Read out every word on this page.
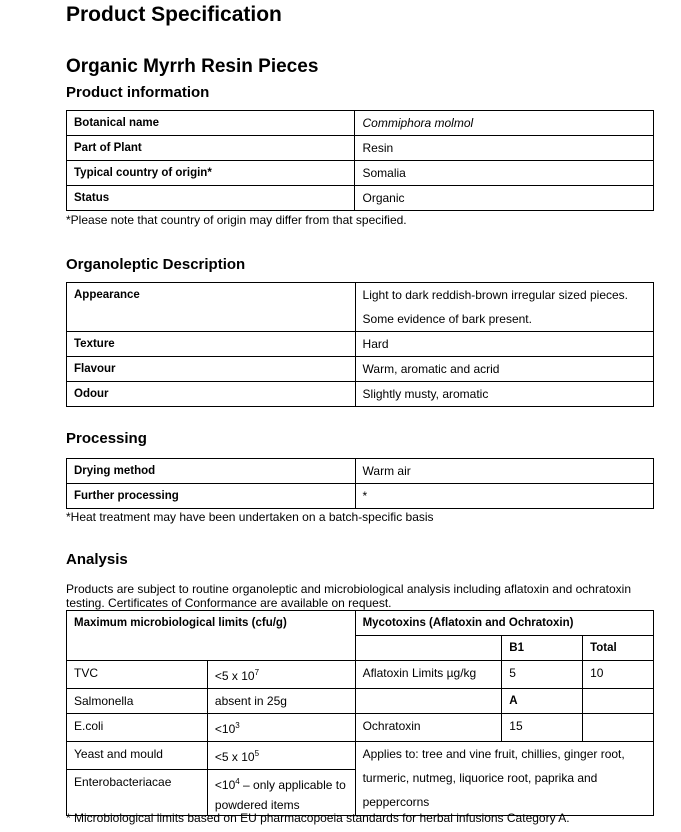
Product Specification
Organic Myrrh Resin Pieces
Product information
Botanical name	Commiphora molmol
Part of Plant	Resin
Typical country of origin*	Somalia
Status	Organic
*Please note that country of origin may differ from that specified.
Organoleptic Description
Appearance	Light to dark reddish-brown irregular sized pieces.
Some evidence of bark present.

Texture	Hard
Flavour	Warm, aromatic and acrid
Odour	Slightly musty, aromatic
Processing
Drying method	Warm air
Further processing	*
*Heat treatment may have been undertaken on a batch-specific basis
Analysis
Products are subject to routine organoleptic and microbiological analysis including aflatoxin and ochratoxin testing. Certificates of Conformance are available on request.
Maximum microbiological limits (cfu/g)		Mycotoxins (Aflatoxin and Ochratoxin)		
			B1	Total
TVC	<5 x $10^7$	Aflatoxin Limits µg/kg	5	10
Salmonella	absent in 25g		A	
E.coli	$<10^3$	Ochratoxin	15	
Yeast and mould	<5 x $10^5$	Applies to: tree and vine fruit, chillies, ginger root,
turmeric, nutmeg, liquorice root, paprika and
peppercorns		

Enterobacteriacae	$<10^4$ – only applicable to
powdered items			
* Microbiological limits based on EU pharmacopoeia standards for herbal infusions Category A.
